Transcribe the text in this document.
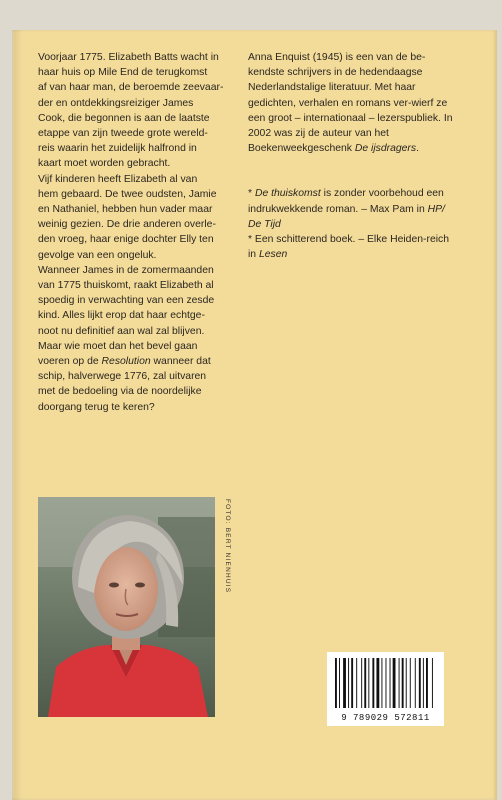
Voorjaar 1775. Elizabeth Batts wacht in
haar huis op Mile End de terugkomst
af van haar man, de beroemde zeevaar-
der en ontdekkingsreiziger James
Cook, die begonnen is aan de laatste
etappe van zijn tweede grote wereld-
reis waarin het zuidelijk halfrond in
kaart moet worden gebracht.
Vijf kinderen heeft Elizabeth al van
hem gebaard. De twee oudsten, Jamie
en Nathaniel, hebben hun vader maar
weinig gezien. De drie anderen overle-
den vroeg, haar enige dochter Elly ten
gevolge van een ongeluk.
Wanneer James in de zomermaanden
van 1775 thuiskomt, raakt Elizabeth al
spoedig in verwachting van een zesde
kind. Alles lijkt erop dat haar echtge-
noot nu definitief aan wal zal blijven.
Maar wie moet dan het bevel gaan
voeren op de Resolution wanneer dat
schip, halverwege 1776, zal uitvaren
met de bedoeling via de noordelijke
doorgang terug te keren?

Anna Enquist (1945) is een van de be-kendste schrijvers in de hedendaagse Nederlandstalige literatuur. Met haar gedichten, verhalen en romans ver-wierf ze een groot – internationaal – lezerspubliek. In 2002 was zij de auteur van het Boekenweekgeschenk De ijsdragers.

* De thuiskomst is zonder voorbehoud een indrukwekkende roman. – Max Pam in HP/ De Tijd

* Een schitterend boek. – Elke Heiden-reich in Lesen

FOTO: BERT NIENHUIS
9 789029 572811
